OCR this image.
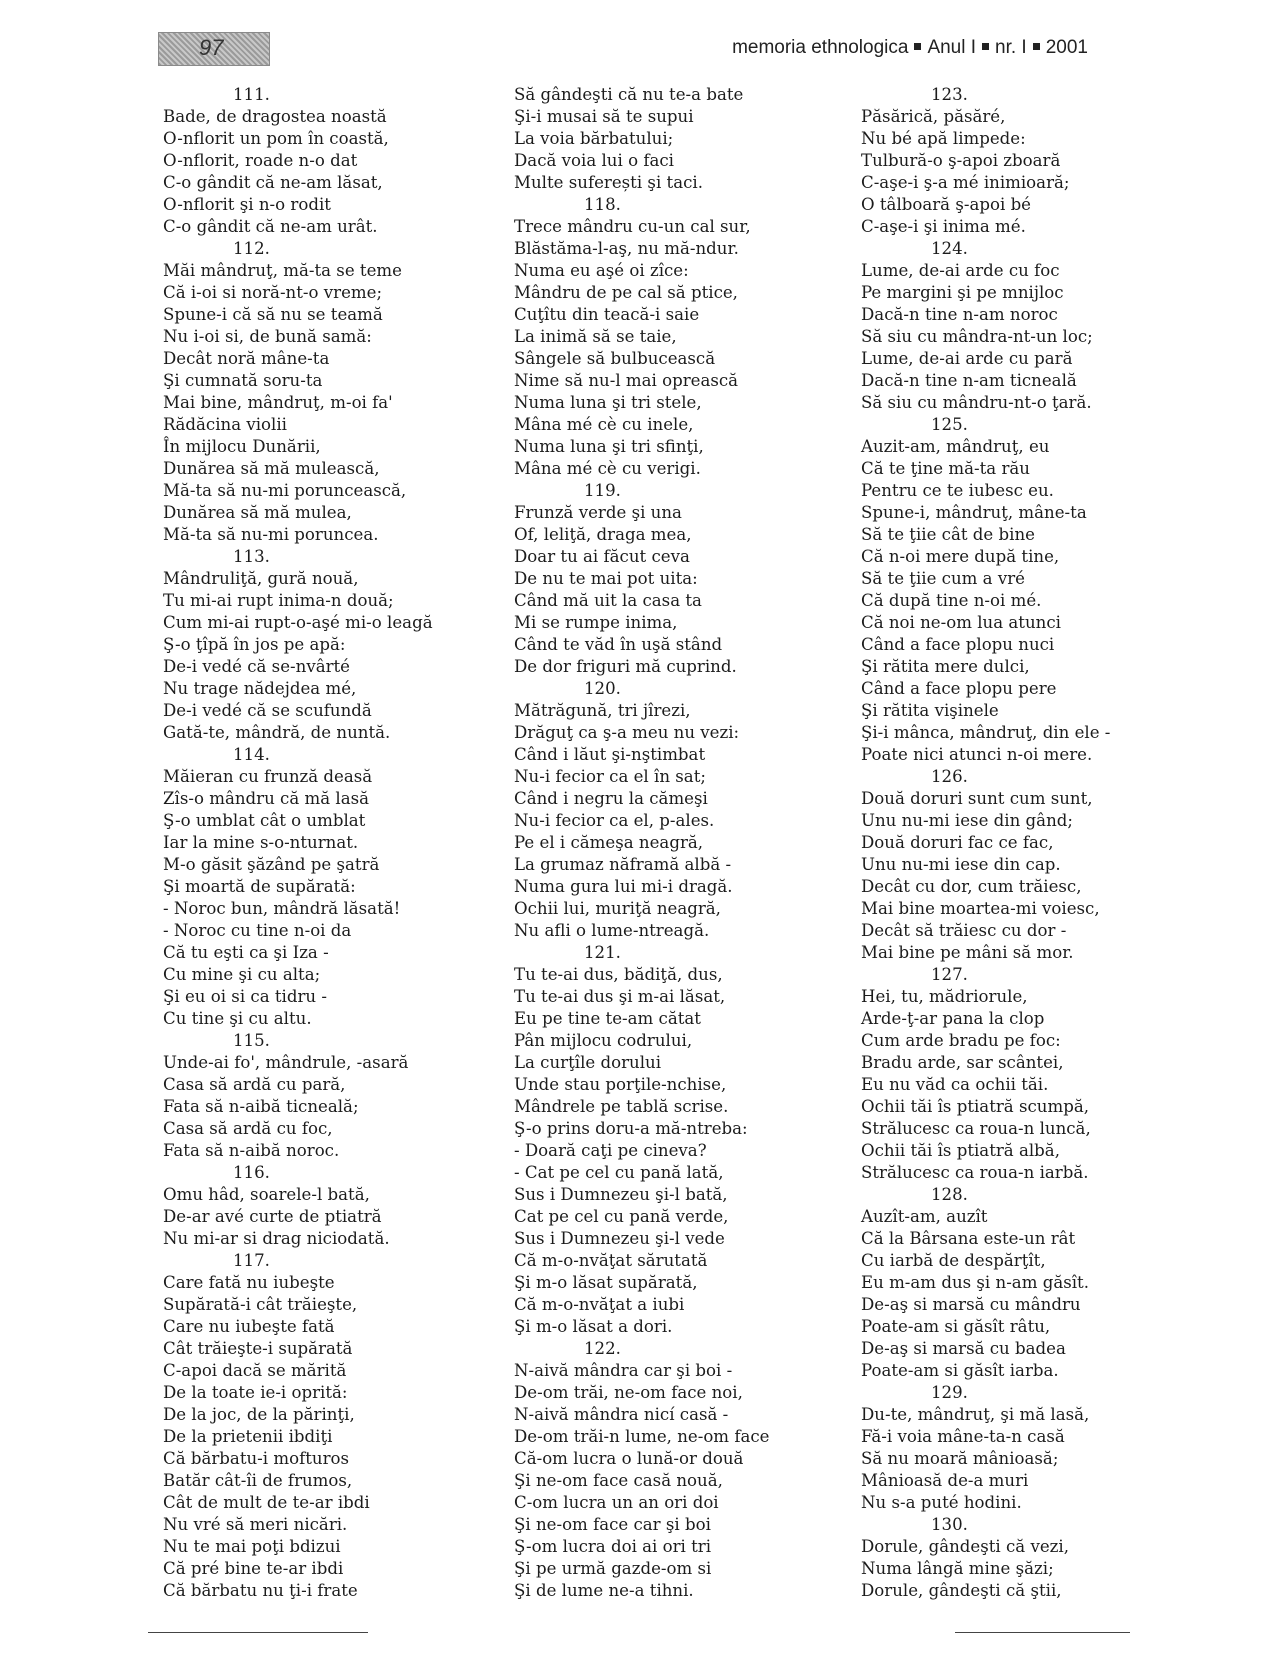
97	memoria ethnologica Anul I nr. I 2001
111.
Bade, de dragostea noastă
O-nflorit un pom în coastă,
O-nflorit, roade n-o dat
C-o gândit că ne-am lăsat,
O-nflorit şi n-o rodit
C-o gândit că ne-am urât.
112.
Măi mândruţ, mă-ta se teme
Că i-oi si noră-nt-o vreme;
Spune-i că să nu se teamă
Nu i-oi si, de bună samă:
Decât noră mâne-ta
Şi cumnată soru-ta
Mai bine, mândruţ, m-oi fa'
Rădăcina violii
În mijlocu Dunării,
Dunărea să mă mulească,
Mă-ta să nu-mi poruncească,
Dunărea să mă mulea,
Mă-ta să nu-mi poruncea.
113.
Mândruliţă, gură nouă,
Tu mi-ai rupt inima-n două;
Cum mi-ai rupt-o-aşé mi-o leagă
Ş-o ţîpă în jos pe apă:
De-i vedé că se-nvârté
Nu trage nădejdea mé,
De-i vedé că se scufundă
Gată-te, mândră, de nuntă.
114.
Măieran cu frunză deasă
Zîs-o mândru că mă lasă
Ş-o umblat cât o umblat
Iar la mine s-o-nturnat.
M-o găsit şăzând pe şatră
Şi moartă de supărată:
- Noroc bun, mândră lăsată!
- Noroc cu tine n-oi da
Că tu eşti ca şi Iza -
Cu mine şi cu alta;
Şi eu oi si ca tidru -
Cu tine şi cu altu.
115.
Unde-ai fo', mândrule, -asară
Casa să ardă cu pară,
Fata să n-aibă ticneală;
Casa să ardă cu foc,
Fata să n-aibă noroc.
116.
Omu hâd, soarele-l bată,
De-ar avé curte de ptiatră
Nu mi-ar si drag niciodată.
117.
Care fată nu iubeşte
Supărată-i cât trăieşte,
Care nu iubeşte fată
Cât trăieşte-i supărată
C-apoi dacă se mărită
De la toate ie-i oprită:
De la joc, de la părinţi,
De la prietenii ibdiţi
Că bărbatu-i mofturos
Batăr cât-îi de frumos,
Cât de mult de te-ar ibdi
Nu vré să meri nicări.
Nu te mai poţi bdizui
Că pré bine te-ar ibdi
Că bărbatu nu ţi-i frate
Să gândeşti că nu te-a bate
Şi-i musai să te supui
La voia bărbatului;
Dacă voia lui o faci
Multe suferești şi taci.
118.
Trece mândru cu-un cal sur,
Blăstăma-l-aş, nu mă-ndur.
Numa eu aşé oi zîce:
Mândru de pe cal să ptice,
Cuţîtu din teacă-i saie
La inimă să se taie,
Sângele să bulbucească
Nime să nu-l mai oprească
Numa luna şi tri stele,
Mâna mé cè cu inele,
Numa luna şi tri sfinţi,
Mâna mé cè cu verigi.
119.
Frunză verde şi una
Of, leliţă, draga mea,
Doar tu ai făcut ceva
De nu te mai pot uita:
Când mă uit la casa ta
Mi se rumpe inima,
Când te văd în uşă stând
De dor friguri mă cuprind.
120.
Mătrăgună, tri jîrezi,
Drăguţ ca ş-a meu nu vezi:
Când i lăut şi-nştimbat
Nu-i fecior ca el în sat;
Când i negru la cămeşi
Nu-i fecior ca el, p-ales.
Pe el i cămeşa neagră,
La grumaz năframă albă -
Numa gura lui mi-i dragă.
Ochii lui, muriţă neagră,
Nu afli o lume-ntreagă.
121.
Tu te-ai dus, bădiţă, dus,
Tu te-ai dus şi m-ai lăsat,
Eu pe tine te-am cătat
Pân mijlocu codrului,
La curţîle dorului
Unde stau porţile-nchise,
Mândrele pe tablă scrise.
Ş-o prins doru-a mă-ntreba:
- Doară caţi pe cineva?
- Cat pe cel cu pană lată,
Sus i Dumnezeu şi-l bată,
Cat pe cel cu pană verde,
Sus i Dumnezeu şi-l vede
Că m-o-nvăţat sărutată
Şi m-o lăsat supărată,
Că m-o-nvăţat a iubi
Şi m-o lăsat a dori.
122.
N-aivă mândra car şi boi -
De-om trăi, ne-om face noi,
N-aivă mândra nicí casă -
De-om trăi-n lume, ne-om face
Că-om lucra o lună-or două
Şi ne-om face casă nouă,
C-om lucra un an ori doi
Şi ne-om face car şi boi
Ş-om lucra doi ai ori tri
Şi pe urmă gazde-om si
Şi de lume ne-a tihni.
123.
Păsărică, păsăré,
Nu bé apă limpede:
Tulbură-o ş-apoi zboară
C-aşe-i ş-a mé inimioară;
O tâlboară ş-apoi bé
C-aşe-i şi inima mé.
124.
Lume, de-ai arde cu foc
Pe margini şi pe mnijloc
Dacă-n tine n-am noroc
Să siu cu mândra-nt-un loc;
Lume, de-ai arde cu pară
Dacă-n tine n-am ticneală
Să siu cu mândru-nt-o ţară.
125.
Auzit-am, mândruţ, eu
Că te ţine mă-ta rău
Pentru ce te iubesc eu.
Spune-i, mândruţ, mâne-ta
Să te ţiie cât de bine
Că n-oi mere după tine,
Să te ţiie cum a vré
Că după tine n-oi mé.
Că noi ne-om lua atunci
Când a face plopu nuci
Şi rătita mere dulci,
Când a face plopu pere
Şi rătita vişinele
Şi-i mânca, mândruţ, din ele -
Poate nici atunci n-oi mere.
126.
Două doruri sunt cum sunt,
Unu nu-mi iese din gând;
Două doruri fac ce fac,
Unu nu-mi iese din cap.
Decât cu dor, cum trăiesc,
Mai bine moartea-mi voiesc,
Decât să trăiesc cu dor -
Mai bine pe mâni să mor.
127.
Hei, tu, mădriorule,
Arde-ţ-ar pana la clop
Cum arde bradu pe foc:
Bradu arde, sar scântei,
Eu nu văd ca ochii tăi.
Ochii tăi îs ptiatră scumpă,
Strălucesc ca roua-n luncă,
Ochii tăi îs ptiatră albă,
Strălucesc ca roua-n iarbă.
128.
Auzît-am, auzît
Că la Bârsana este-un rât
Cu iarbă de despărţît,
Eu m-am dus şi n-am găsît.
De-aş si marsă cu mândru
Poate-am si găsît râtu,
De-aş si marsă cu badea
Poate-am si găsît iarba.
129.
Du-te, mândruţ, şi mă lasă,
Fă-i voia mâne-ta-n casă
Să nu moară mânioasă;
Mânioasă de-a muri
Nu s-a puté hodini.
130.
Dorule, gândeşti că vezi,
Numa lângă mine şăzi;
Dorule, gândeşti că ştii,
